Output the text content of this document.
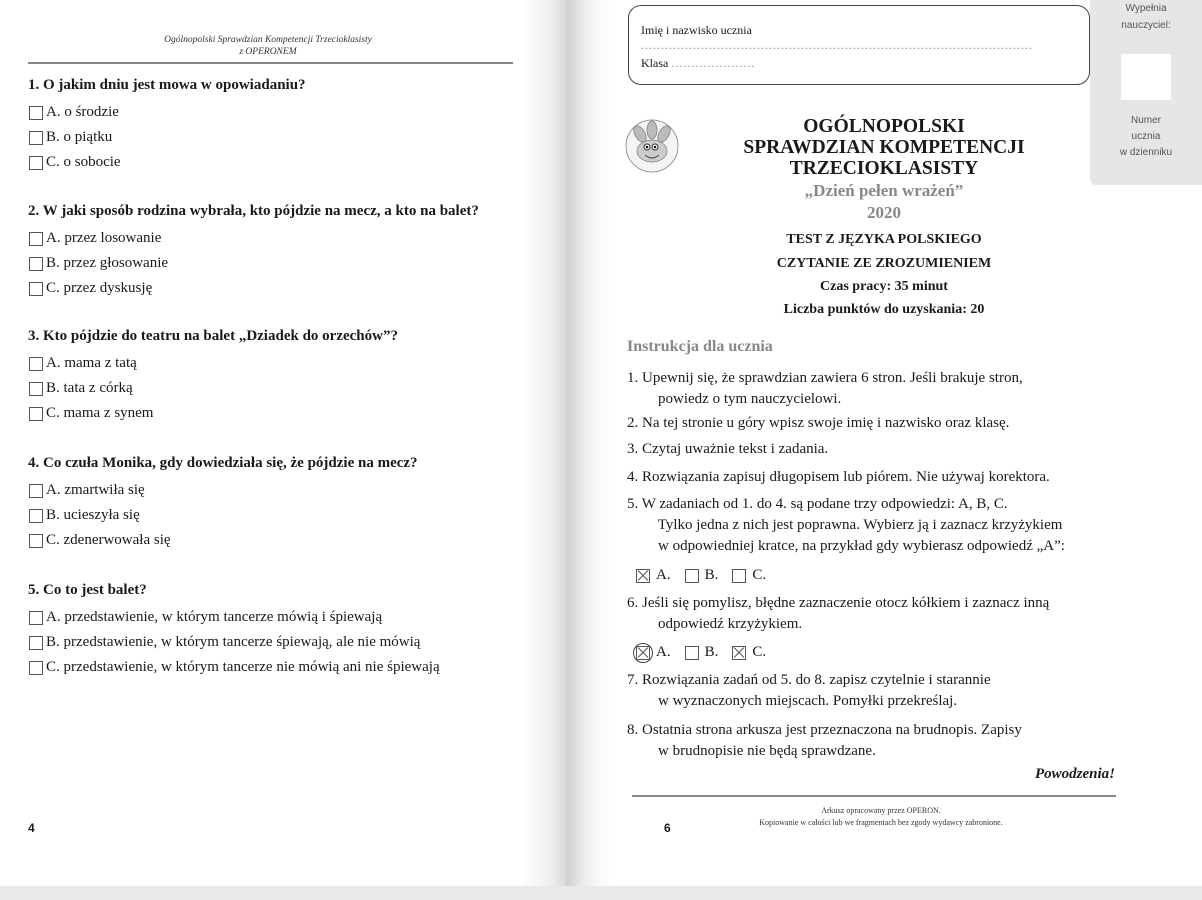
Ogólnopolski Sprawdzian Kompetencji Trzecioklasisty
z OPERONEM
1. O jakim dniu jest mowa w opowiadaniu?
A. o środzie
B. o piątku
C. o sobocie
2. W jaki sposób rodzina wybrała, kto pójdzie na mecz, a kto na balet?
A. przez losowanie
B. przez głosowanie
C. przez dyskusję
3. Kto pójdzie do teatru na balet „Dziadek do orzechów”?
A. mama z tatą
B. tata z córką
C. mama z synem
4. Co czuła Monika, gdy dowiedziała się, że pójdzie na mecz?
A. zmartwiła się
B. ucieszyła się
C. zdenerwowała się
5. Co to jest balet?
A. przedstawienie, w którym tancerze mówią i śpiewają
B. przedstawienie, w którym tancerze śpiewają, ale nie mówią
C. przedstawienie, w którym tancerze nie mówią ani nie śpiewają
4
Imię i nazwisko ucznia ..................................................................................................
Klasa .....................
Wypełnia
nauczyciel:
Numer
ucznia
w dzienniku
OGÓLNOPOLSKI
SPRAWDZIAN KOMPETENCJI
TRZECIOKLASISTY
„Dzień pełen wrażeń”
2020
TEST Z JĘZYKA POLSKIEGO
CZYTANIE ZE ZROZUMIENIEM
Czas pracy: 35 minut
Liczba punktów do uzyskania: 20
Instrukcja dla ucznia
1. Upewnij się, że sprawdzian zawiera 6 stron. Jeśli brakuje stron,
powiedz o tym nauczycielowi.
2. Na tej stronie u góry wpisz swoje imię i nazwisko oraz klasę.
3. Czytaj uważnie tekst i zadania.
4. Rozwiązania zapisuj długopisem lub piórem. Nie używaj korektora.
5. W zadaniach od 1. do 4. są podane trzy odpowiedzi: A, B, C.
Tylko jedna z nich jest poprawna. Wybierz ją i zaznacz krzyżykiem
w odpowiedniej kratce, na przykład gdy wybierasz odpowiedź „A”:
6. Jeśli się pomylisz, błędne zaznaczenie otocz kółkiem i zaznacz inną
odpowiedź krzyżykiem.
7. Rozwiązania zadań od 5. do 8. zapisz czytelnie i starannie
w wyznaczonych miejscach. Pomyłki przekreślaj.
8. Ostatnia strona arkusza jest przeznaczona na brudnopis. Zapisy
w brudnopisie nie będą sprawdzane.
A. B. C.
A. B. C.
Powodzenia!
Arkusz opracowany przez OPERON.
Kopiowanie w całości lub we fragmentach bez zgody wydawcy zabronione.
6
